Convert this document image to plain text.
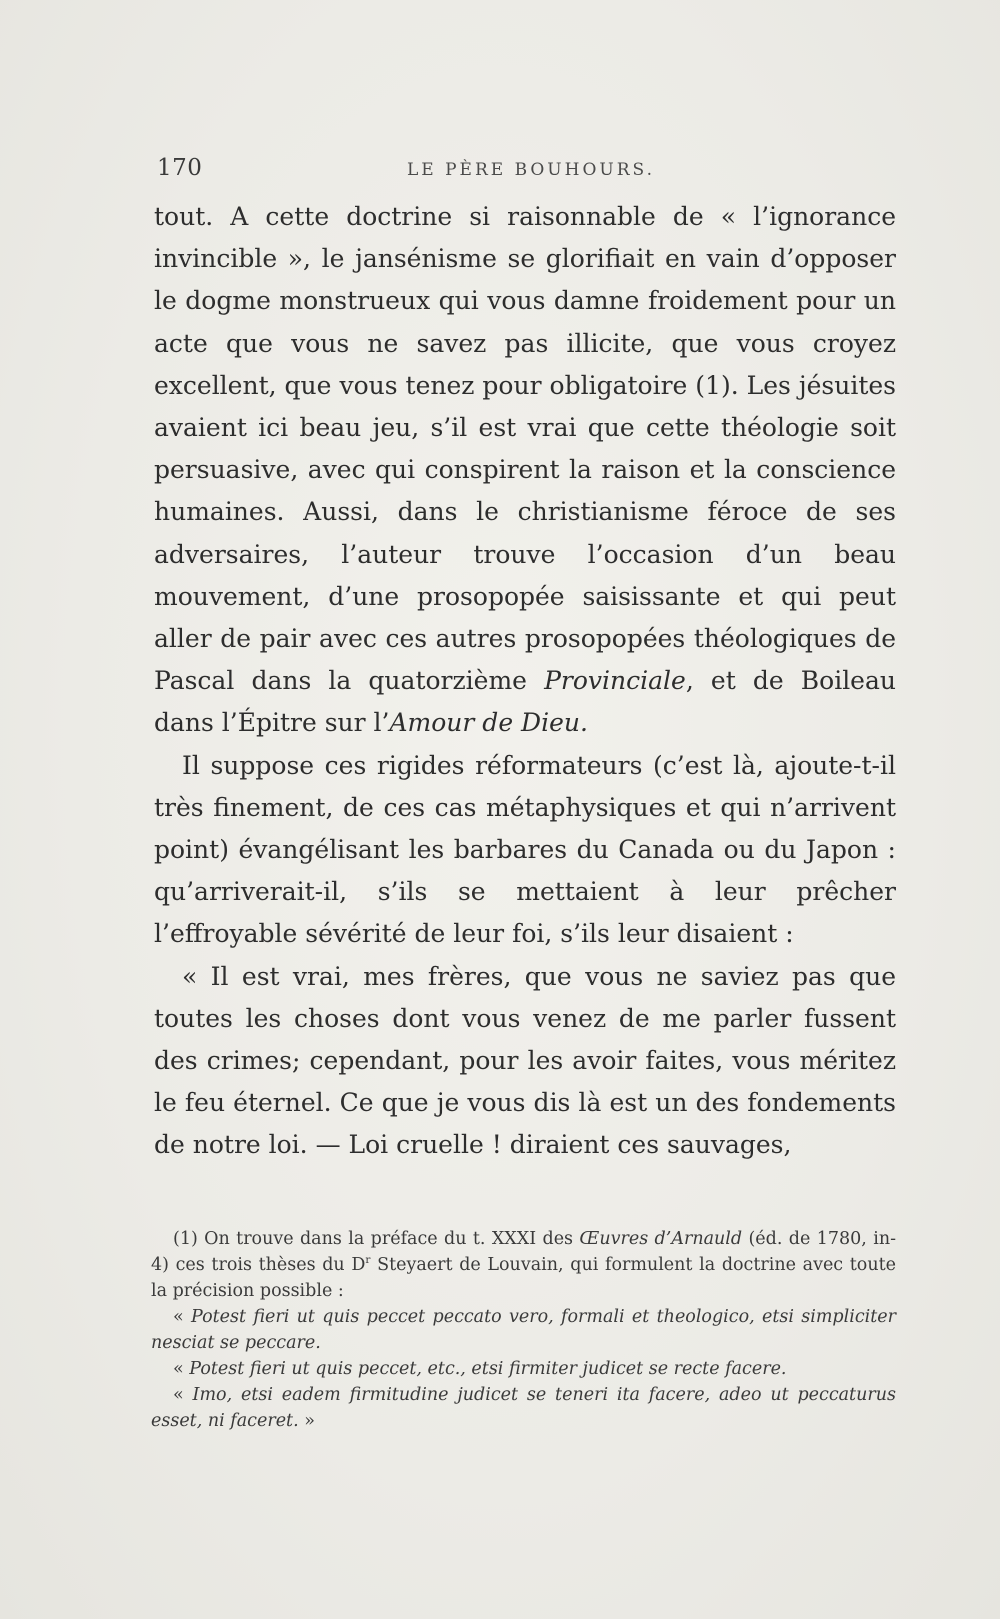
170	LE PÈRE BOUHOURS.

tout. A cette doctrine si raisonnable de « l’ignorance invincible », le jansénisme se glorifiait en vain d’opposer le dogme monstrueux qui vous damne froidement pour un acte que vous ne savez pas illicite, que vous croyez excellent, que vous tenez pour obligatoire (1). Les jésuites avaient ici beau jeu, s’il est vrai que cette théologie soit persuasive, avec qui conspirent la raison et la conscience humaines. Aussi, dans le christianisme féroce de ses adversaires, l’auteur trouve l’occasion d’un beau mouvement, d’une prosopopée saisissante et qui peut aller de pair avec ces autres prosopopées théologiques de Pascal dans la quatorzième Provinciale, et de Boileau dans l’Épitre sur l’Amour de Dieu.

Il suppose ces rigides réformateurs (c’est là, ajoute-t-il très finement, de ces cas métaphysiques et qui n’arrivent point) évangélisant les barbares du Canada ou du Japon : qu’arriverait-il, s’ils se mettaient à leur prêcher l’effroyable sévérité de leur foi, s’ils leur disaient :

« Il est vrai, mes frères, que vous ne saviez pas que toutes les choses dont vous venez de me parler fussent des crimes; cependant, pour les avoir faites, vous méritez le feu éternel. Ce que je vous dis là est un des fondements de notre loi. — Loi cruelle ! diraient ces sauvages,

(1) On trouve dans la préface du t. XXXI des Œuvres d’Arnauld (éd. de 1780, in-4) ces trois thèses du $D^r$ Steyaert de Louvain, qui formulent la doctrine avec toute la précision possible :

« Potest fieri ut quis peccet peccato vero, formali et theologico, etsi simpliciter nesciat se peccare.

« Potest fieri ut quis peccet, etc., etsi firmiter judicet se recte facere.

« Imo, etsi eadem firmitudine judicet se teneri ita facere, adeo ut peccaturus esset, ni faceret. »
